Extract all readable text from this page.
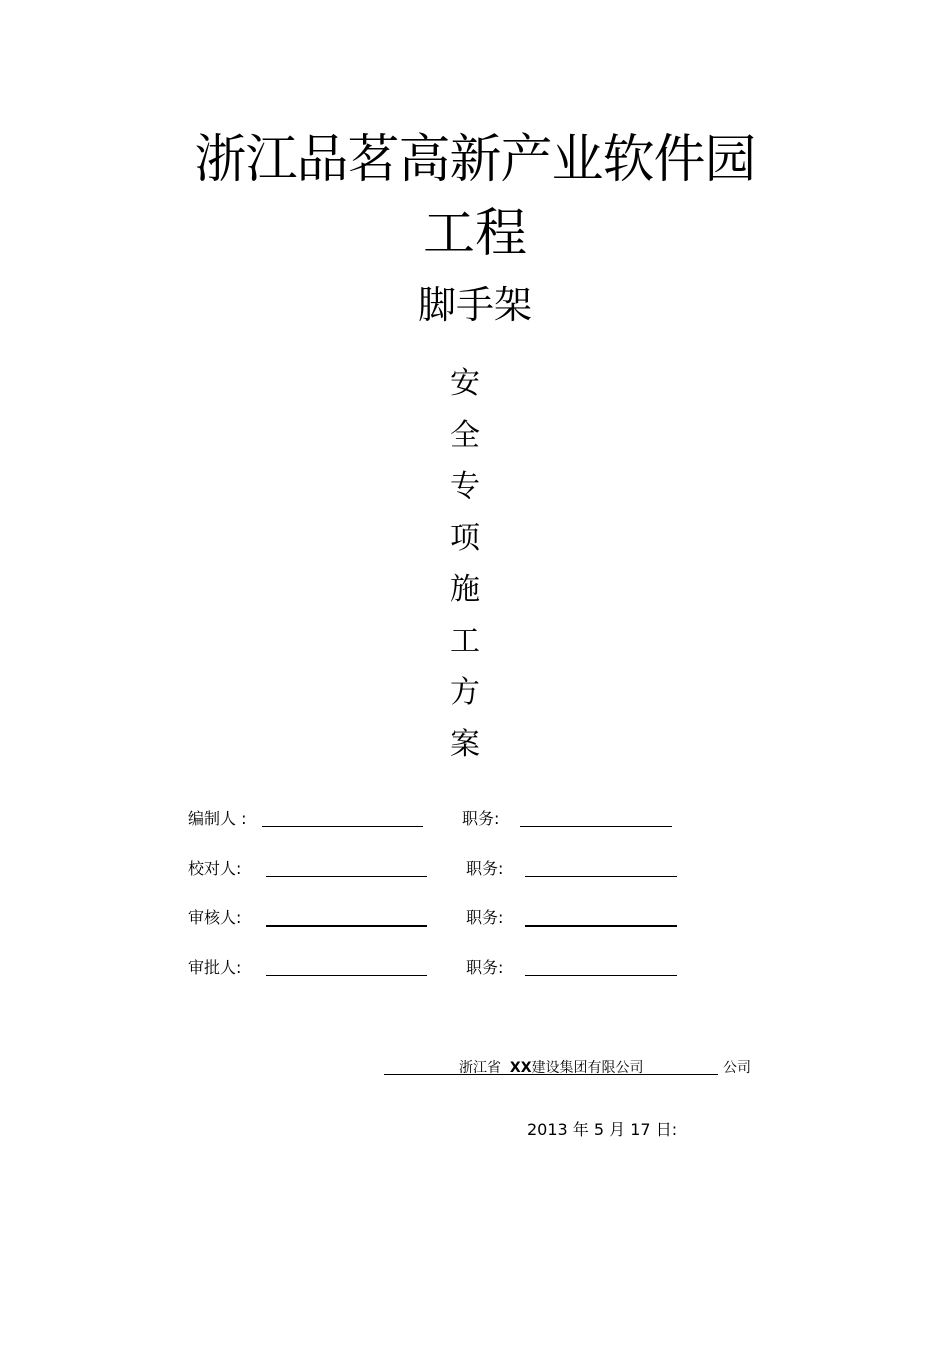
浙江品茗高新产业软件园
工程
脚手架
安
全
专
项
施
工
方
案
编制人 :	职务:
校对人:	职务:
审核人:	职务:
审批人:	职务:
浙江省 XX建设集团有限公司	公司
2013 年 5 月 17 日:
